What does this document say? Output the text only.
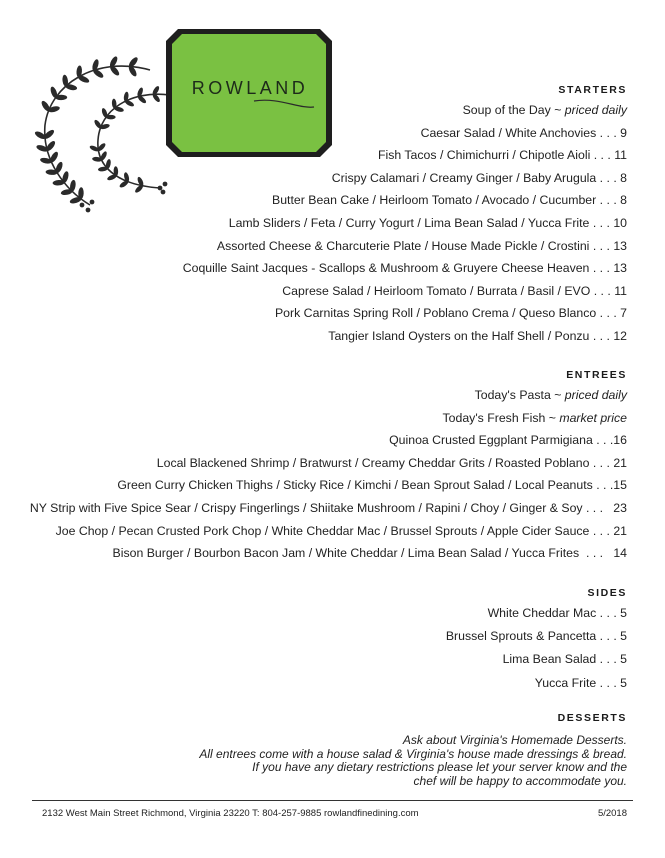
ROWLAND	STARTERS
Soup of the Day ~ priced daily
Caesar Salad / White Anchovies . . . 9
Fish Tacos / Chimichurri / Chipotle Aioli . . . 11
Crispy Calamari / Creamy Ginger / Baby Arugula . . . 8
Butter Bean Cake / Heirloom Tomato / Avocado / Cucumber . . . 8
Lamb Sliders / Feta / Curry Yogurt / Lima Bean Salad / Yucca Frite . . . 10
Assorted Cheese & Charcuterie Plate / House Made Pickle / Crostini . . . 13
Coquille Saint Jacques - Scallops & Mushroom & Gruyere Cheese Heaven . . . 13
Caprese Salad / Heirloom Tomato / Burrata / Basil / EVO . . . 11
Pork Carnitas Spring Roll / Poblano Crema / Queso Blanco . . . 7
Tangier Island Oysters on the Half Shell / Ponzu . . . 12
ENTREES
Today's Pasta ~ priced daily
Today's Fresh Fish ~ market price
Quinoa Crusted Eggplant Parmigiana . . .16
Local Blackened Shrimp / Bratwurst / Creamy Cheddar Grits / Roasted Poblano . . . 21
Green Curry Chicken Thighs / Sticky Rice / Kimchi / Bean Sprout Salad / Local Peanuts . . .15
NY Strip with Five Spice Sear / Crispy Fingerlings / Shiitake Mushroom / Rapini / Choy / Ginger & Soy . . .   23
Joe Chop / Pecan Crusted Pork Chop / White Cheddar Mac / Brussel Sprouts / Apple Cider Sauce . . . 21
Bison Burger / Bourbon Bacon Jam / White Cheddar / Lima Bean Salad / Yucca Frites  . . .   14
SIDES
White Cheddar Mac . . . 5
Brussel Sprouts & Pancetta . . . 5
Lima Bean Salad . . . 5
Yucca Frite . . . 5
DESSERTS
Ask about Virginia's Homemade Desserts.
All entrees come with a house salad & Virginia's house made dressings & bread.
If you have any dietary restrictions please let your server know and the
chef will be happy to accommodate you.
2132 West Main Street Richmond, Virginia 23220 T: 804-257-9885 rowlandfinedining.com	5/2018
